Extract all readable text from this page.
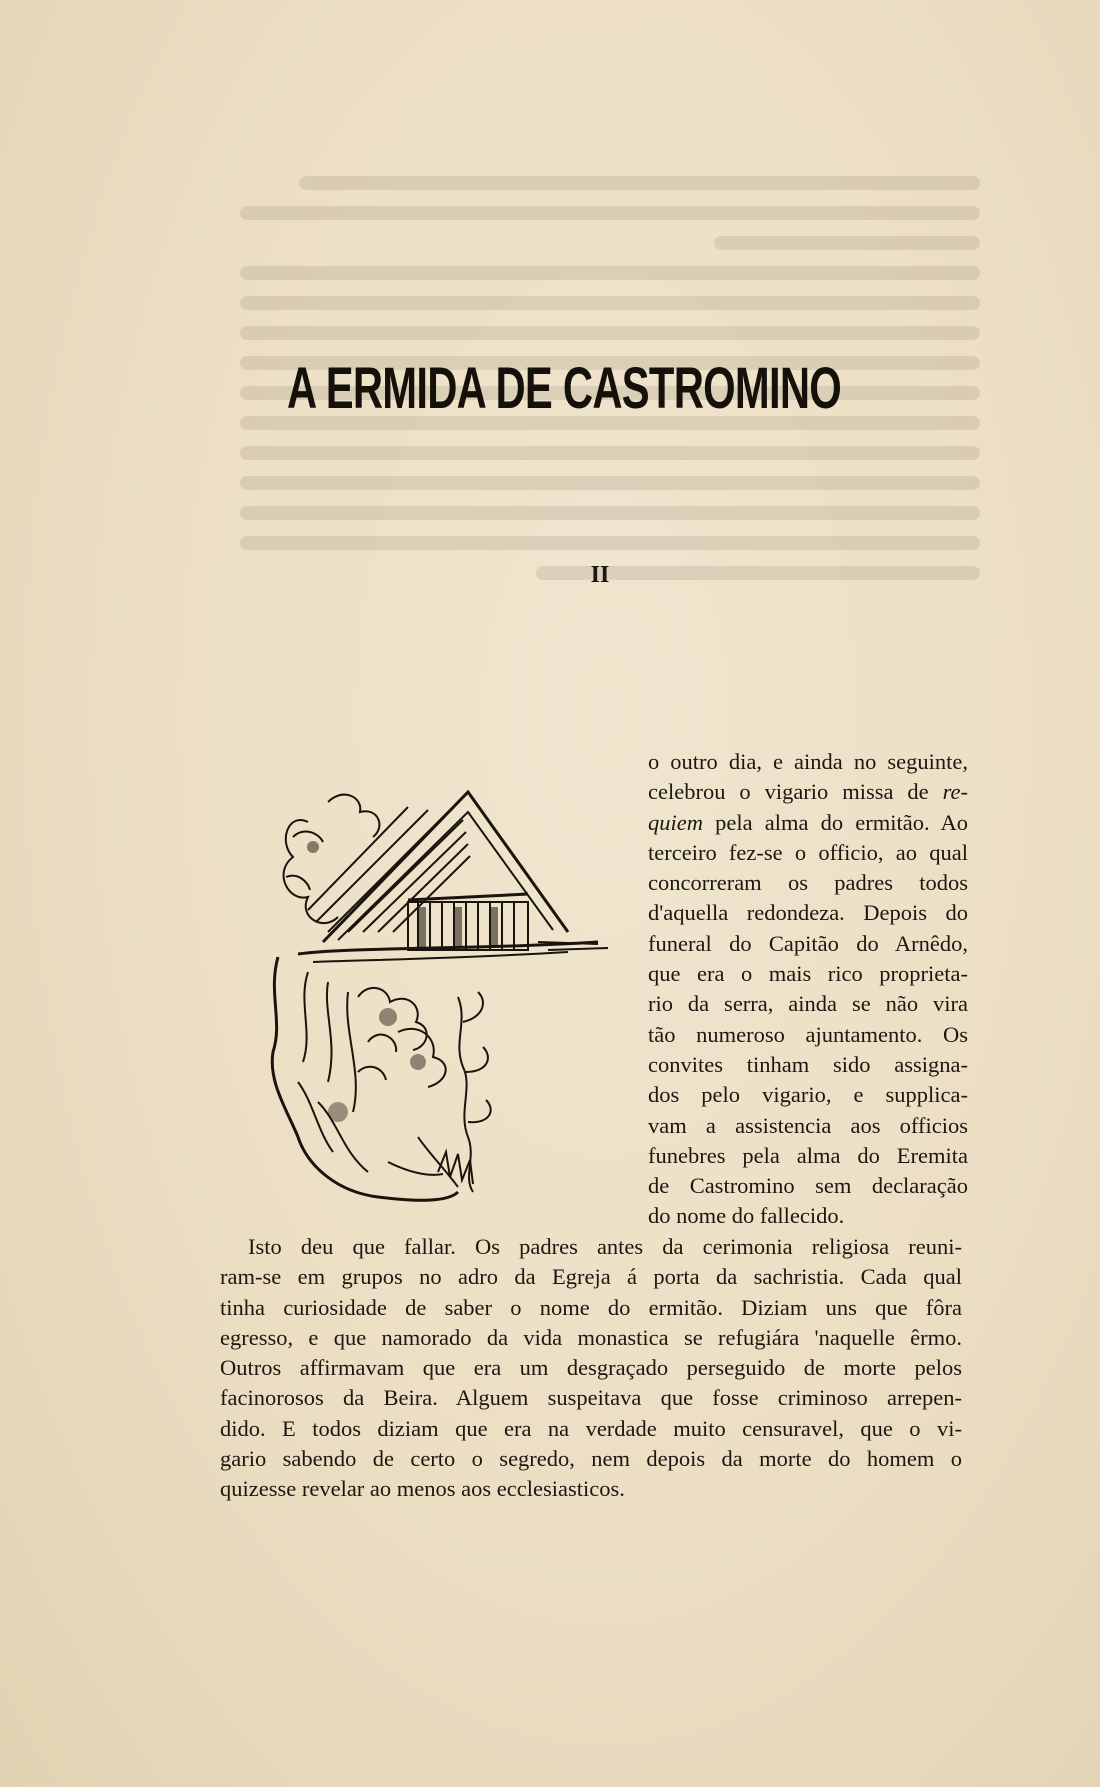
A ERMIDA DE CASTROMINO
II
o outro dia, e ainda no seguinte,
celebrou o vigario missa de re-
quiem pela alma do ermitão. Ao
terceiro fez-se o officio, ao qual
concorreram os padres todos
d'aquella redondeza. Depois do
funeral do Capitão do Arnêdo,
que era o mais rico proprieta-
rio da serra, ainda se não vira
tão numeroso ajuntamento. Os
convites tinham sido assigna-
dos pelo vigario, e supplica-
vam a assistencia aos officios
funebres pela alma do Eremita
de Castromino sem declaração
do nome do fallecido.
Isto deu que fallar. Os padres antes da cerimonia religiosa reuni-
ram-se em grupos no adro da Egreja á porta da sachristia. Cada qual
tinha curiosidade de saber o nome do ermitão. Diziam uns que fôra
egresso, e que namorado da vida monastica se refugiára 'naquelle êrmo.
Outros affirmavam que era um desgraçado perseguido de morte pelos
facinorosos da Beira. Alguem suspeitava que fosse criminoso arrepen-
dido. E todos diziam que era na verdade muito censuravel, que o vi-
gario sabendo de certo o segredo, nem depois da morte do homem o
quizesse revelar ao menos aos ecclesiasticos.
